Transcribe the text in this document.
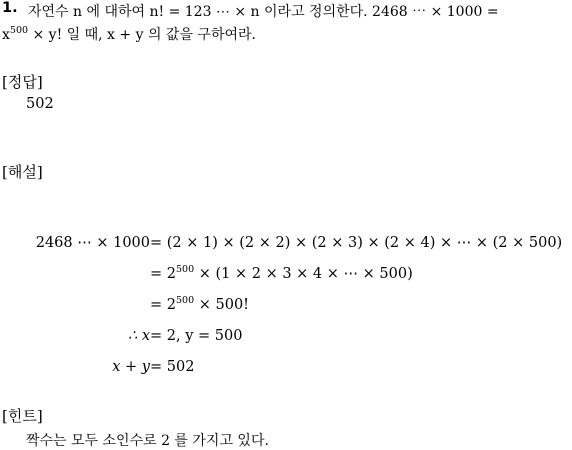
1. 자연수 n 에 대하여 n! = 123 ⋯ × n 이라고 정의한다. 2468 ⋯ × 1000 =
$x^{500} \times y$! 일 때, x + y 의 값을 구하여라.
[정답]
502
[해설]
2468 ⋯ × 1000 = (2 × 1) × (2 × 2) × (2 × 3) × (2 × 4) × ⋯ × (2 × 500)
= $2^{500} \times (1 \times 2 \times 3 \times 4$ × ⋯ × 500)
= $2^{500} \times 500$!
∴ x = 2, y = 500
x + y = 502
[힌트]
짝수는 모두 소인수로 2 를 가지고 있다.
